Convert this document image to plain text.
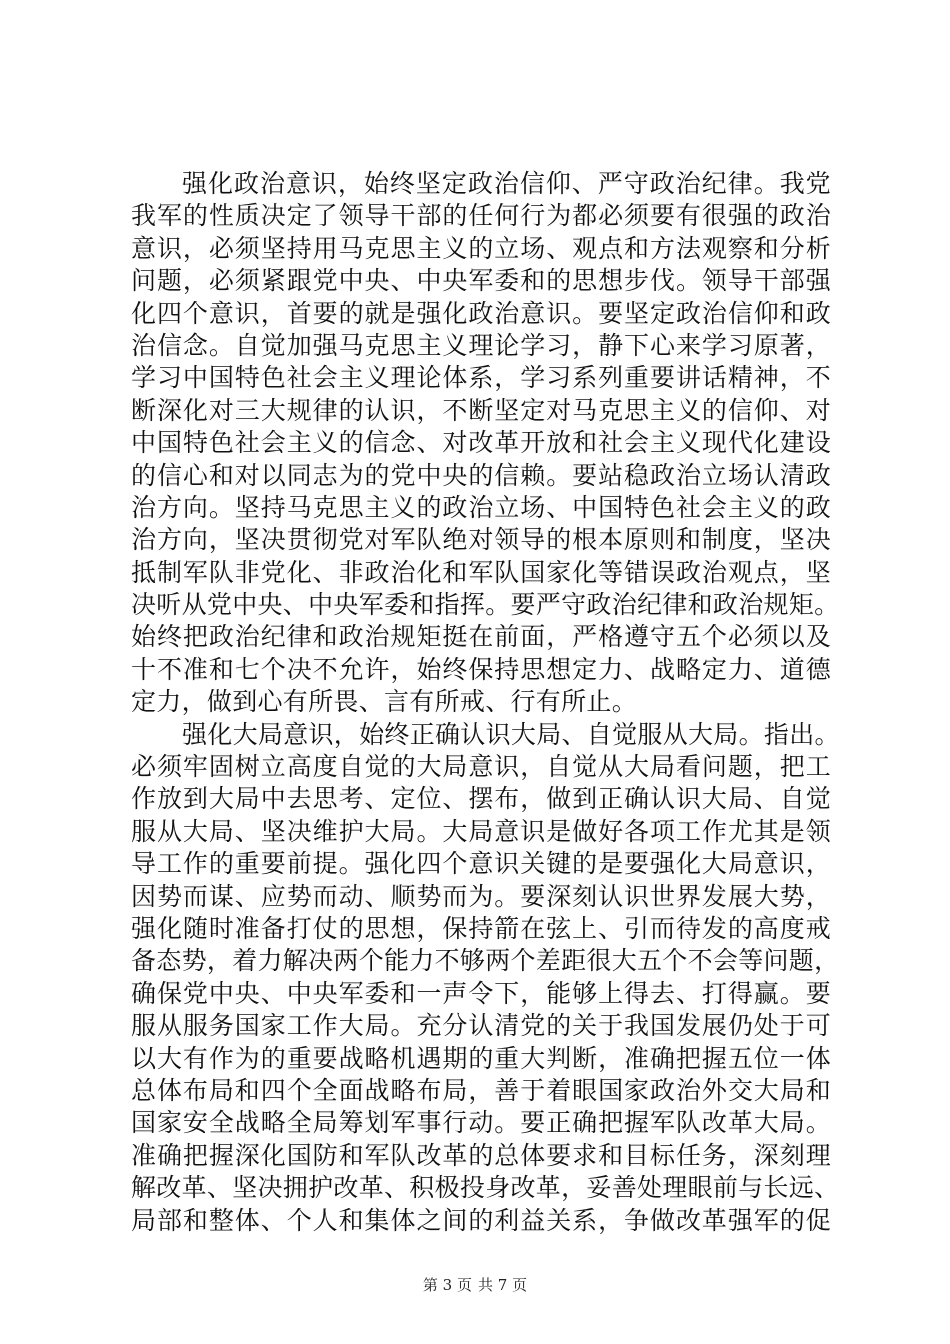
强化政治意识，始终坚定政治信仰、严守政治纪律。我党
我军的性质决定了领导干部的任何行为都必须要有很强的政治
意识，必须坚持用马克思主义的立场、观点和方法观察和分析
问题，必须紧跟党中央、中央军委和的思想步伐。领导干部强
化四个意识，首要的就是强化政治意识。要坚定政治信仰和政
治信念。自觉加强马克思主义理论学习，静下心来学习原著，
学习中国特色社会主义理论体系，学习系列重要讲话精神，不
断深化对三大规律的认识，不断坚定对马克思主义的信仰、对
中国特色社会主义的信念、对改革开放和社会主义现代化建设
的信心和对以同志为的党中央的信赖。要站稳政治立场认清政
治方向。坚持马克思主义的政治立场、中国特色社会主义的政
治方向，坚决贯彻党对军队绝对领导的根本原则和制度，坚决
抵制军队非党化、非政治化和军队国家化等错误政治观点，坚
决听从党中央、中央军委和指挥。要严守政治纪律和政治规矩。
始终把政治纪律和政治规矩挺在前面，严格遵守五个必须以及
十不准和七个决不允许，始终保持思想定力、战略定力、道德
定力，做到心有所畏、言有所戒、行有所止。
强化大局意识，始终正确认识大局、自觉服从大局。指出。
必须牢固树立高度自觉的大局意识，自觉从大局看问题，把工
作放到大局中去思考、定位、摆布，做到正确认识大局、自觉
服从大局、坚决维护大局。大局意识是做好各项工作尤其是领
导工作的重要前提。强化四个意识关键的是要强化大局意识，
因势而谋、应势而动、顺势而为。要深刻认识世界发展大势，
强化随时准备打仗的思想，保持箭在弦上、引而待发的高度戒
备态势，着力解决两个能力不够两个差距很大五个不会等问题，
确保党中央、中央军委和一声令下，能够上得去、打得赢。要
服从服务国家工作大局。充分认清党的关于我国发展仍处于可
以大有作为的重要战略机遇期的重大判断，准确把握五位一体
总体布局和四个全面战略布局，善于着眼国家政治外交大局和
国家安全战略全局筹划军事行动。要正确把握军队改革大局。
准确把握深化国防和军队改革的总体要求和目标任务，深刻理
解改革、坚决拥护改革、积极投身改革，妥善处理眼前与长远、
局部和整体、个人和集体之间的利益关系，争做改革强军的促
第 3 页 共 7 页
